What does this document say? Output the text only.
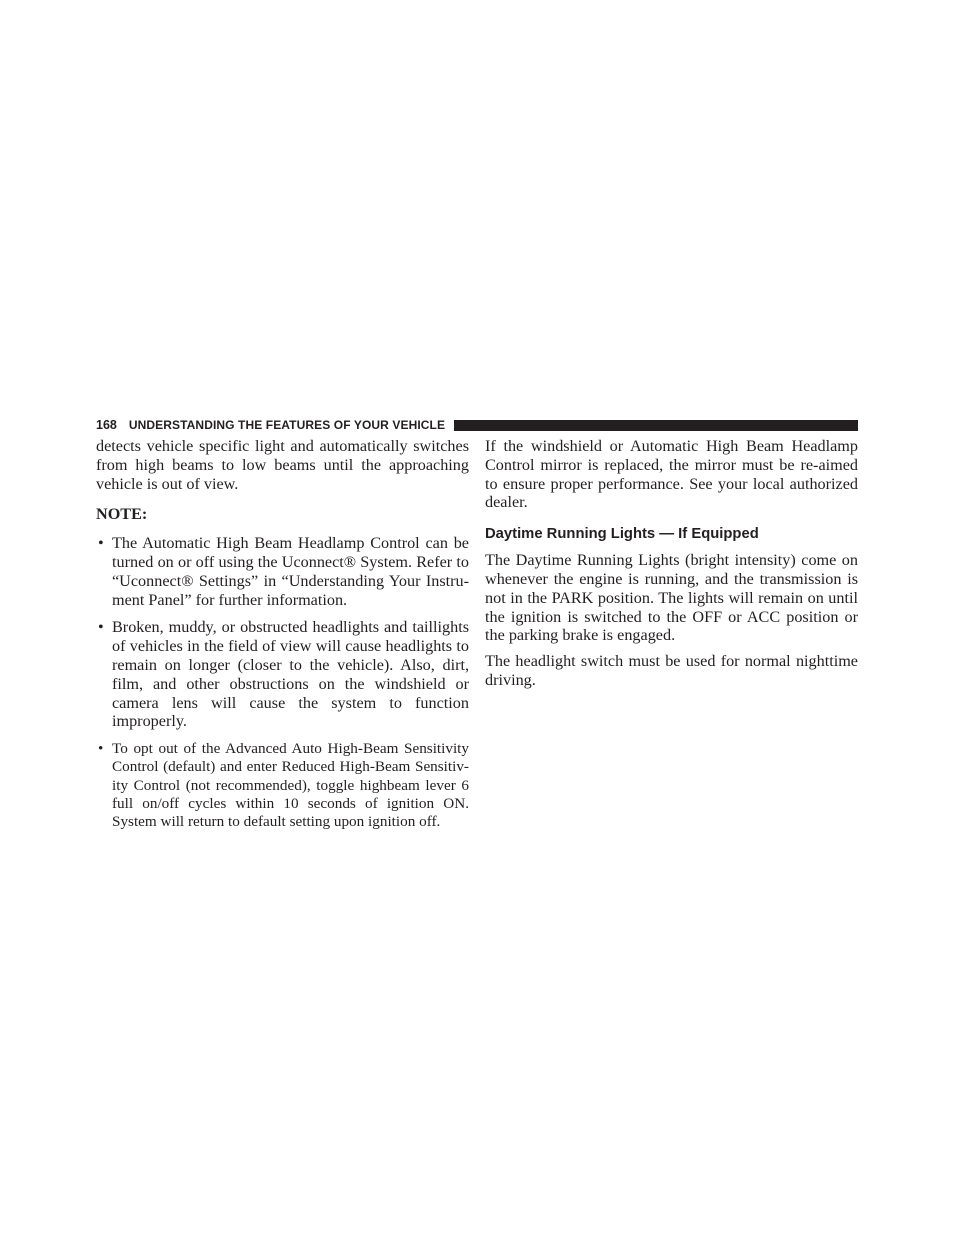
168 UNDERSTANDING THE FEATURES OF YOUR VEHICLE

detects vehicle specific light and automatically switches from high beams to low beams until the approaching vehicle is out of view.

NOTE:

• The Automatic High Beam Headlamp Control can be turned on or off using the Uconnect® System. Refer to “Uconnect® Settings” in “Understanding Your Instru-ment Panel” for further information.
• Broken, muddy, or obstructed headlights and taillights of vehicles in the field of view will cause headlights to remain on longer (closer to the vehicle). Also, dirt, film, and other obstructions on the windshield or camera lens will cause the system to function improperly.
• To opt out of the Advanced Auto High-Beam Sensitivity Control (default) and enter Reduced High-Beam Sensitiv-ity Control (not recommended), toggle highbeam lever 6 full on/off cycles within 10 seconds of ignition ON. System will return to default setting upon ignition off.

If the windshield or Automatic High Beam Headlamp Control mirror is replaced, the mirror must be re-aimed to ensure proper performance. See your local authorized dealer.

Daytime Running Lights — If Equipped

The Daytime Running Lights (bright intensity) come on whenever the engine is running, and the transmission is not in the PARK position. The lights will remain on until the ignition is switched to the OFF or ACC position or the parking brake is engaged.

The headlight switch must be used for normal nighttime driving.
